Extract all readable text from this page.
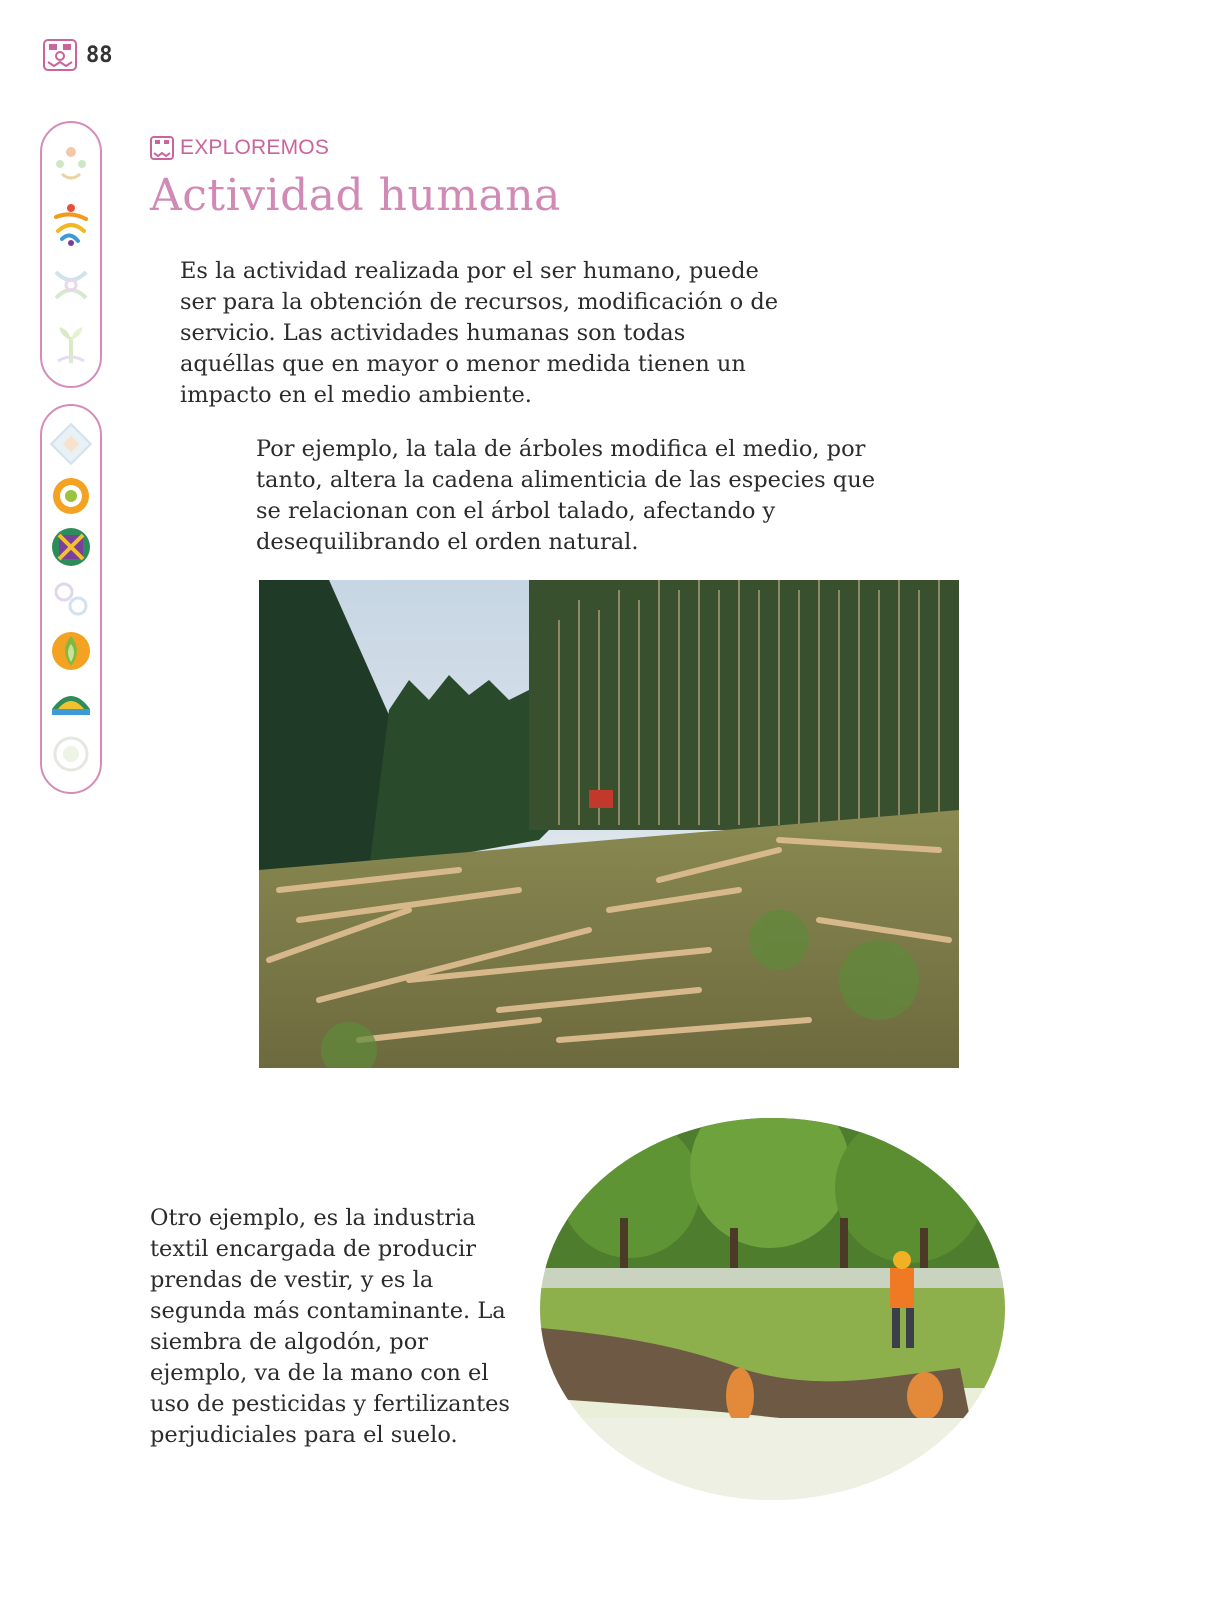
88
EXPLOREMOS
Actividad humana

Es la actividad realizada por el ser humano, puede ser para la obtención de recursos, modificación o de servicio. Las actividades humanas son todas aquéllas que en mayor o menor medida tienen un impacto en el medio ambiente.

Por ejemplo, la tala de árboles modifica el medio, por tanto, altera la cadena alimenticia de las especies que se relacionan con el árbol talado, afectando y desequilibrando el orden natural.

Otro ejemplo, es la industria textil encargada de producir prendas de vestir, y es la segunda más contaminante. La siembra de algodón, por ejemplo, va de la mano con el uso de pesticidas y fertilizantes perjudiciales para el suelo.
